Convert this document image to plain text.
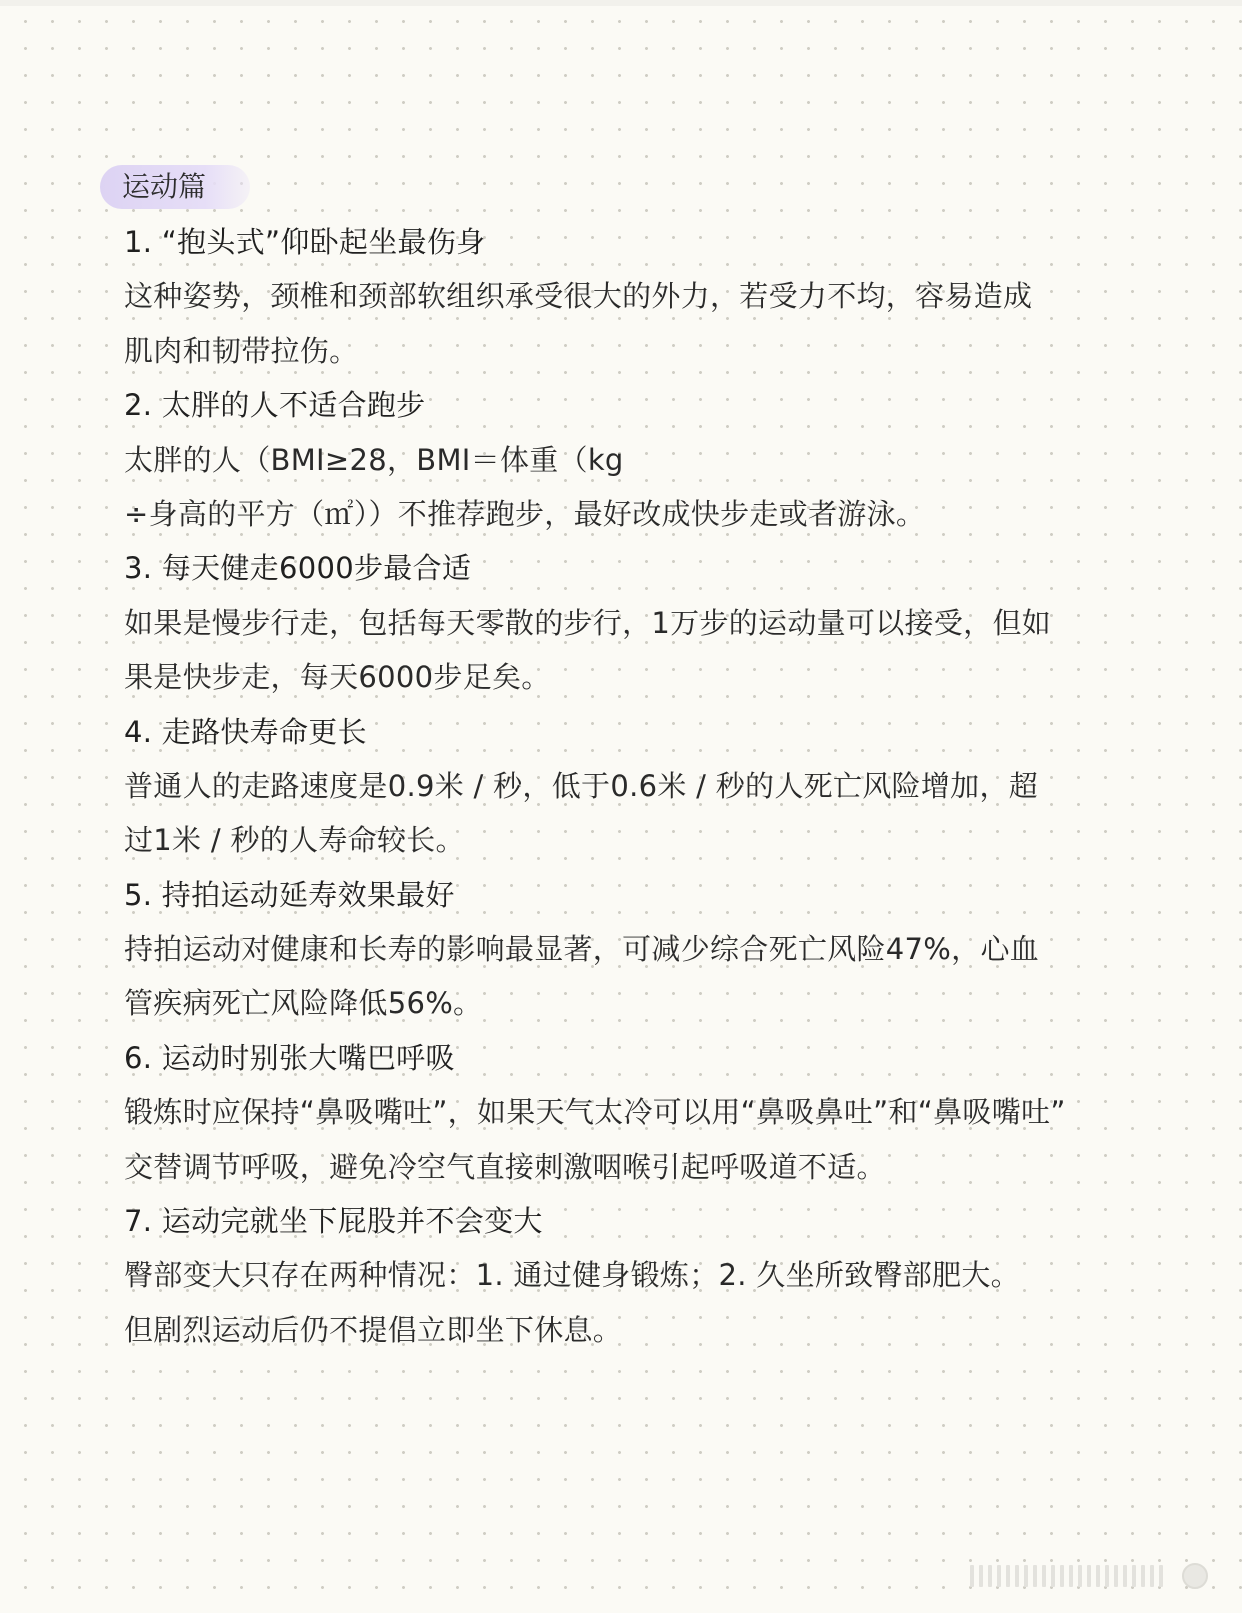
运动篇
1. “抱头式”仰卧起坐最伤身
这种姿势，颈椎和颈部软组织承受很大的外力，若受力不均，容易造成
肌肉和韧带拉伤。
2. 太胖的人不适合跑步
太胖的人（BMI≥28，BMI＝体重（kg
÷身高的平方（㎡））不推荐跑步，最好改成快步走或者游泳。
3. 每天健走6000步最合适
如果是慢步行走，包括每天零散的步行，1万步的运动量可以接受，但如
果是快步走，每天6000步足矣。
4. 走路快寿命更长
普通人的走路速度是0.9米 / 秒，低于0.6米 / 秒的人死亡风险增加，超
过1米 / 秒的人寿命较长。
5. 持拍运动延寿效果最好
持拍运动对健康和长寿的影响最显著，可减少综合死亡风险47%，心血
管疾病死亡风险降低56%。
6. 运动时别张大嘴巴呼吸
锻炼时应保持“鼻吸嘴吐”，如果天气太冷可以用“鼻吸鼻吐”和“鼻吸嘴吐”
交替调节呼吸，避免冷空气直接刺激咽喉引起呼吸道不适。
7. 运动完就坐下屁股并不会变大
臀部变大只存在两种情况：1. 通过健身锻炼；2. 久坐所致臀部肥大。
但剧烈运动后仍不提倡立即坐下休息。
